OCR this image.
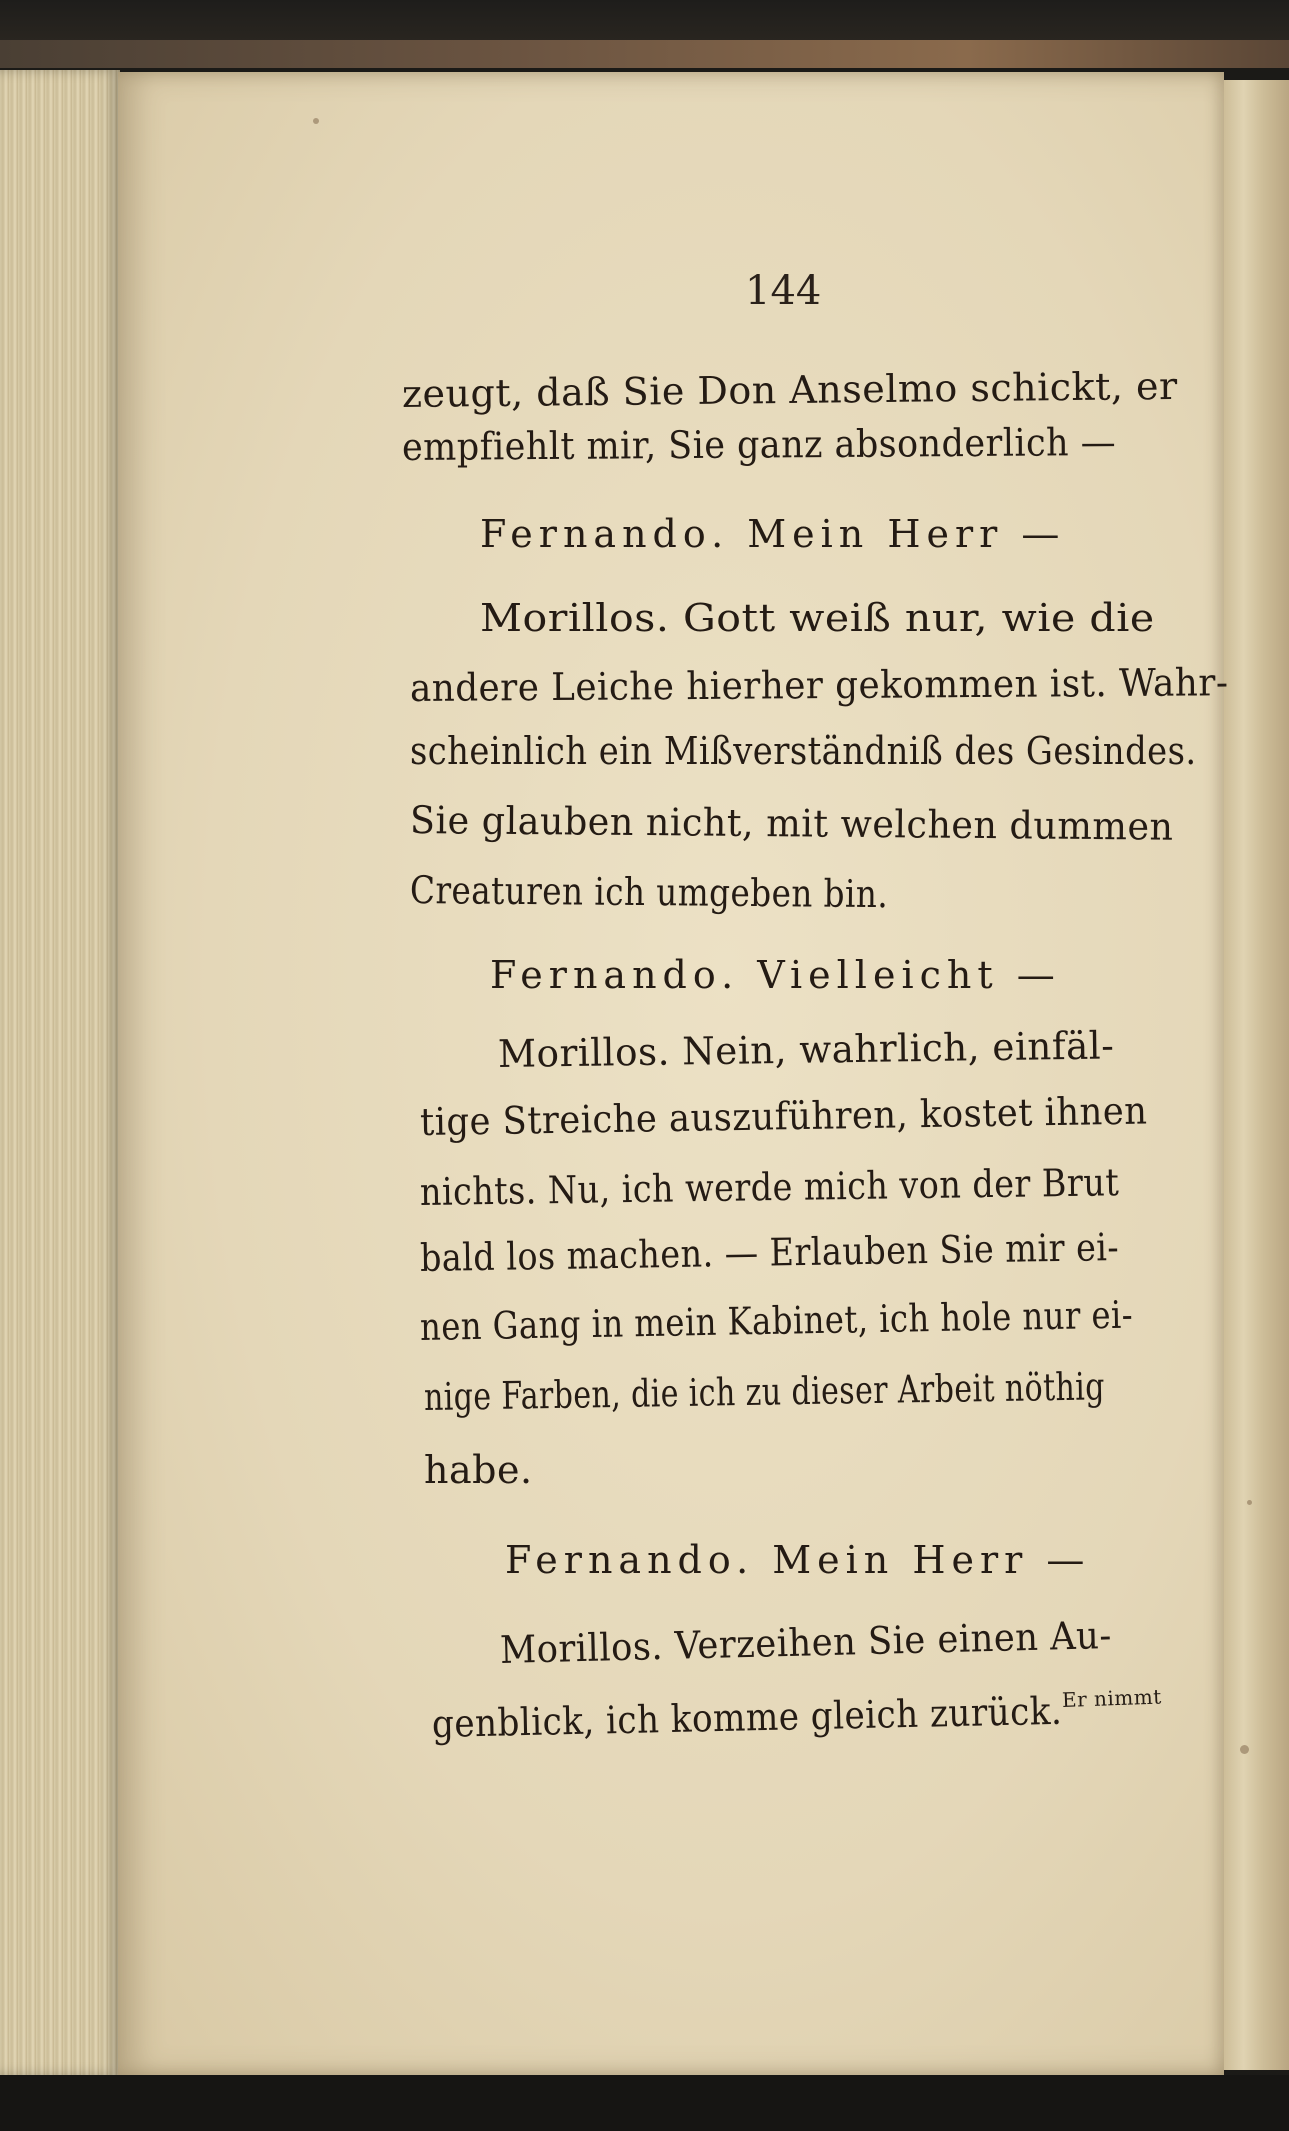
144
zeugt, daß Sie Don Anselmo schickt, er
empfiehlt mir, Sie ganz absonderlich —
Fernando. Mein Herr —
Morillos. Gott weiß nur, wie die
andere Leiche hierher gekommen ist. Wahr-
scheinlich ein Mißverständniß des Gesindes.
Sie glauben nicht, mit welchen dummen
Creaturen ich umgeben bin.
Fernando. Vielleicht —
Morillos. Nein, wahrlich, einfäl-
tige Streiche auszuführen, kostet ihnen
nichts. Nu, ich werde mich von der Brut
bald los machen. — Erlauben Sie mir ei-
nen Gang in mein Kabinet, ich hole nur ei-
nige Farben, die ich zu dieser Arbeit nöthig
habe.
Fernando. Mein Herr —
Morillos. Verzeihen Sie einen Au-
genblick, ich komme gleich zurück.
Er nimmt
